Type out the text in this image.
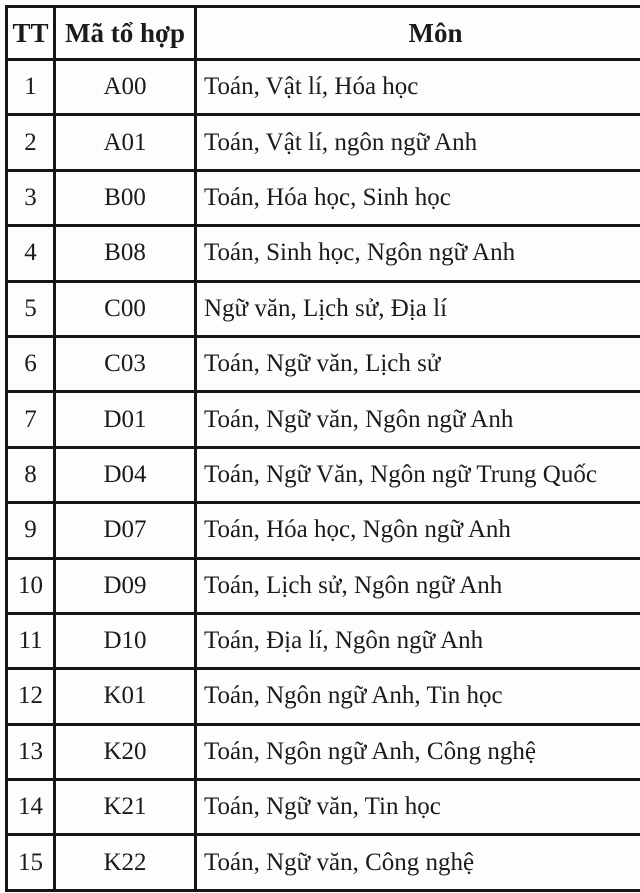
TT	Mã tổ hợp	Môn
1	A00	Toán, Vật lí, Hóa học
2	A01	Toán, Vật lí, ngôn ngữ Anh
3	B00	Toán, Hóa học, Sinh học
4	B08	Toán, Sinh học, Ngôn ngữ Anh
5	C00	Ngữ văn, Lịch sử, Địa lí
6	C03	Toán, Ngữ văn, Lịch sử
7	D01	Toán, Ngữ văn, Ngôn ngữ Anh
8	D04	Toán, Ngữ Văn, Ngôn ngữ Trung Quốc
9	D07	Toán, Hóa học, Ngôn ngữ Anh
10	D09	Toán, Lịch sử, Ngôn ngữ Anh
11	D10	Toán, Địa lí, Ngôn ngữ Anh
12	K01	Toán, Ngôn ngữ Anh, Tin học
13	K20	Toán, Ngôn ngữ Anh, Công nghệ
14	K21	Toán, Ngữ văn, Tin học
15	K22	Toán, Ngữ văn, Công nghệ
